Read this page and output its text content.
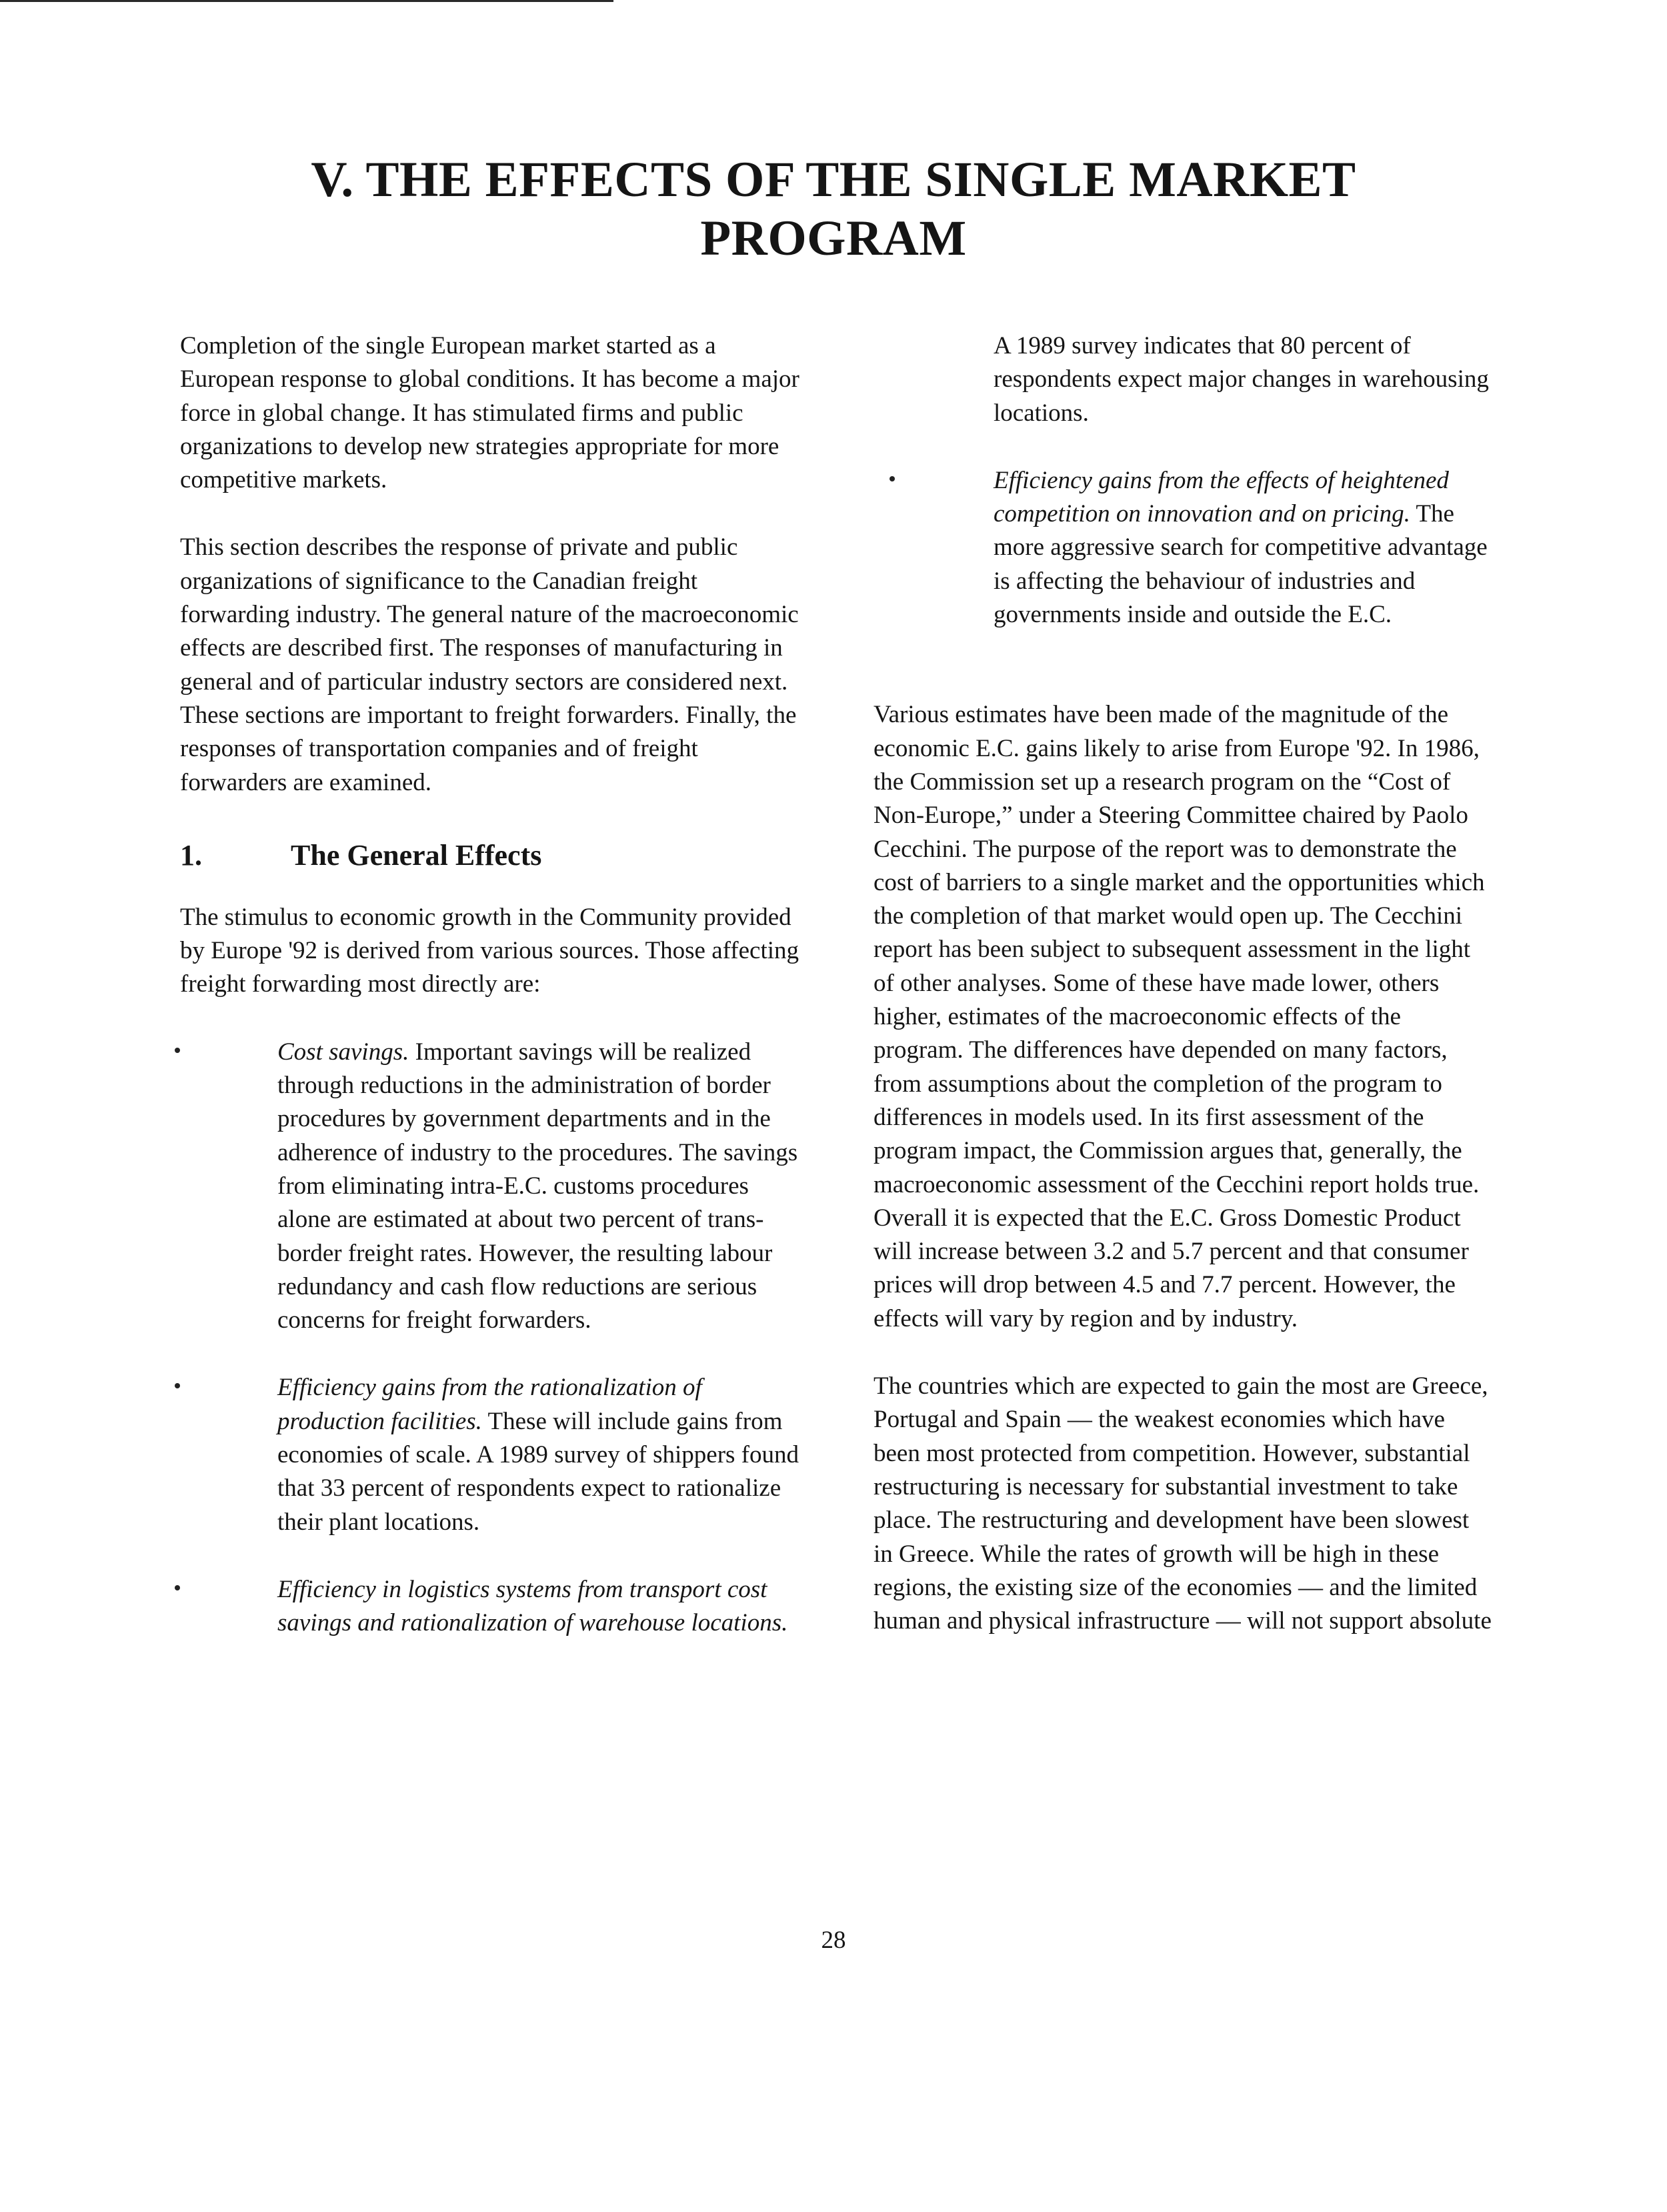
V. THE EFFECTS OF THE SINGLE MARKET
PROGRAM

Completion of the single European market started as a European response to global conditions. It has become a major force in global change. It has stimulated firms and public organizations to develop new strategies appropriate for more competitive markets.

This section describes the response of private and public organizations of significance to the Canadian freight forwarding industry. The general nature of the macroeconomic effects are described first. The responses of manufacturing in general and of particular industry sectors are considered next. These sections are important to freight forwarders. Finally, the responses of transportation companies and of freight forwarders are examined.

1.	The General Effects

The stimulus to economic growth in the Community provided by Europe '92 is derived from various sources. Those affecting freight forwarding most directly are:

Cost savings. Important savings will be realized through reductions in the administration of border procedures by government departments and in the adherence of industry to the procedures. The savings from eliminating intra-E.C. customs procedures alone are estimated at about two percent of trans-border freight rates. However, the resulting labour redundancy and cash flow reductions are serious concerns for freight forwarders.

Efficiency gains from the rationalization of production facilities. These will include gains from economies of scale. A 1989 survey of shippers found that 33 percent of respondents expect to rationalize their plant locations.

Efficiency in logistics systems from transport cost savings and rationalization of warehouse locations.

A 1989 survey indicates that 80 percent of respondents expect major changes in warehousing locations.

Efficiency gains from the effects of heightened competition on innovation and on pricing. The more aggressive search for competitive advantage is affecting the behaviour of industries and governments inside and outside the E.C.

Various estimates have been made of the magnitude of the economic E.C. gains likely to arise from Europe '92. In 1986, the Commission set up a research program on the “Cost of Non-Europe,” under a Steering Committee chaired by Paolo Cecchini. The purpose of the report was to demonstrate the cost of barriers to a single market and the opportunities which the completion of that market would open up. The Cecchini report has been subject to subsequent assessment in the light of other analyses. Some of these have made lower, others higher, estimates of the macroeconomic effects of the program. The differences have depended on many factors, from assumptions about the completion of the program to differences in models used. In its first assessment of the program impact, the Commission argues that, generally, the macroeconomic assessment of the Cecchini report holds true. Overall it is expected that the E.C. Gross Domestic Product will increase between 3.2 and 5.7 percent and that consumer prices will drop between 4.5 and 7.7 percent. However, the effects will vary by region and by industry.

The countries which are expected to gain the most are Greece, Portugal and Spain — the weakest economies which have been most protected from competition. However, substantial restructuring is necessary for substantial investment to take place. The restructuring and development have been slowest in Greece. While the rates of growth will be high in these regions, the existing size of the economies — and the limited human and physical infrastructure — will not support absolute

28
